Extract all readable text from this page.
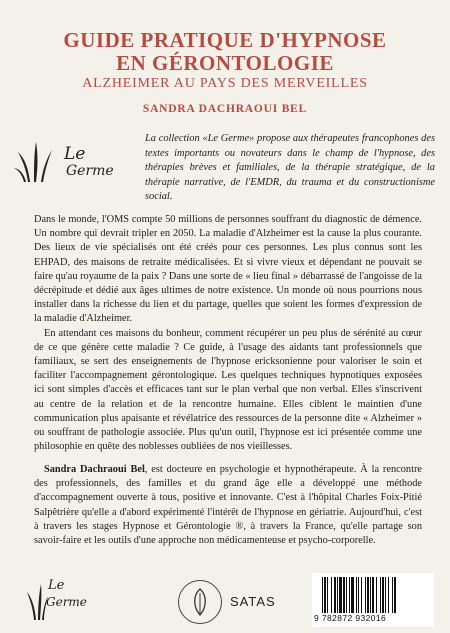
GUIDE PRATIQUE D'HYPNOSE
EN GÉRONTOLOGIE
ALZHEIMER AU PAYS DES MERVEILLES
SANDRA DACHRAOUI BEL
Le
Germe
La collection «Le Germe» propose aux thérapeutes francophones des textes importants ou novateurs dans le champ de l'hypnose, des thérapies brèves et familiales, de la thérapie stratégique, de la thérapie narrative, de l'EMDR, du trauma et du constructionisme social.

Dans le monde, l'OMS compte 50 millions de personnes souffrant du diagnostic de démence. Un nombre qui devrait tripler en 2050. La maladie d'Alzheimer est la cause la plus courante. Des lieux de vie spécialisés ont été créés pour ces personnes. Les plus connus sont les EHPAD, des maisons de retraite médicalisées. Et si vivre vieux et dépendant ne pouvait se faire qu'au royaume de la paix ? Dans une sorte de « lieu final » débarrassé de l'angoisse de la décrépitude et dédié aux âges ultimes de notre existence. Un monde où nous pourrions nous installer dans la richesse du lien et du partage, quelles que soient les formes d'expression de la maladie d'Alzheimer.

En attendant ces maisons du bonheur, comment récupérer un peu plus de sérénité au cœur de ce que génère cette maladie ? Ce guide, à l'usage des aidants tant professionnels que familiaux, se sert des enseignements de l'hypnose ericksonienne pour valoriser le soin et faciliter l'accompagnement gérontologique. Les quelques techniques hypnotiques exposées ici sont simples d'accès et efficaces tant sur le plan verbal que non verbal. Elles s'inscrivent au centre de la relation et de la rencontre humaine. Elles ciblent le maintien d'une communication plus apaisante et révélatrice des ressources de la personne dite « Alzheimer » ou souffrant de pathologie associée. Plus qu'un outil, l'hypnose est ici présentée comme une philosophie en quête des noblesses oubliées de nos vieillesses.

Sandra Dachraoui Bel, est docteure en psychologie et hypnothérapeute. À la rencontre des professionnels, des familles et du grand âge elle a développé une méthode d'accompagnement ouverte à tous, positive et innovante. C'est à l'hôpital Charles Foix-Pitié Salpêtrière qu'elle a d'abord expérimenté l'intérêt de l'hypnose en gériatrie. Aujourd'hui, c'est à travers les stages Hypnose et Gérontologie ®, à travers la France, qu'elle partage son savoir-faire et les outils d'une approche non médicamenteuse et psycho-corporelle.
Le
Germe	SATAS
9 782872 932016
